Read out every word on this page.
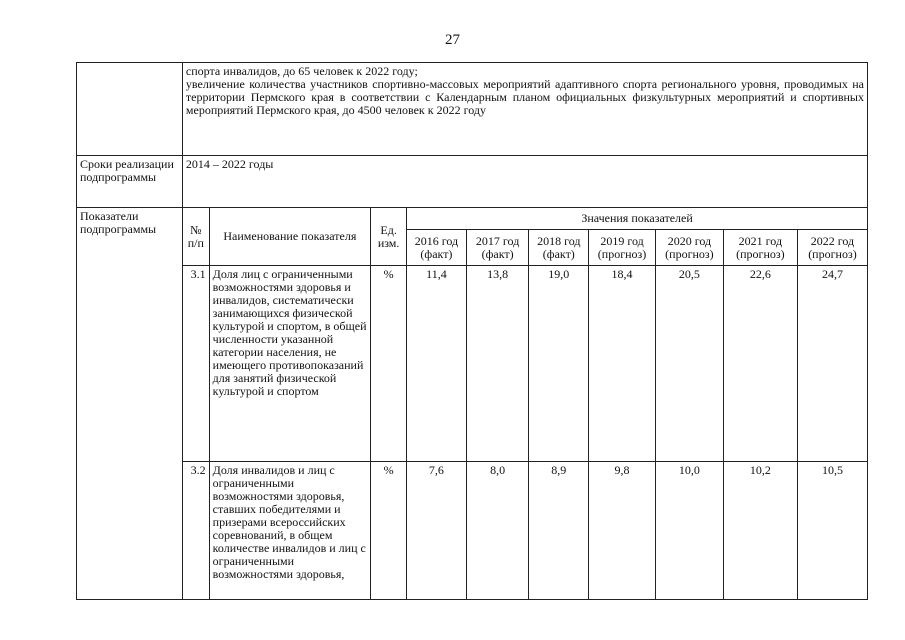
27

	спорта инвалидов, до 65 человек к 2022 году;

увеличение количества участников спортивно-массовых мероприятий адаптивного спорта регионального уровня, проводимых на территории Пермского края в соответствии с Календарным планом официальных физкультурных мероприятий и спортивных мероприятий Пермского края, до 4500 человек к 2022 году									

Сроки реализации подпрограммы	2014 – 2022 годы									
Показатели подпрограммы	№ п/п	Наименование показателя	Ед. изм.	Значения показателей						
				2016 год (факт)	2017 год (факт)	2018 год (факт)	2019 год (прогноз)	2020 год (прогноз)	2021 год (прогноз)	2022 год (прогноз)
	3.1	Доля лиц с ограниченными возможностями здоровья и инвалидов, систематически занимающихся физической культурой и спортом, в общей численности указанной категории населения, не имеющего противопоказаний для занятий физической культурой и спортом	%	11,4	13,8	19,0	18,4	20,5	22,6	24,7
	3.2	Доля инвалидов и лиц с ограниченными возможностями здоровья, ставших победителями и призерами всероссийских соревнований, в общем количестве инвалидов и лиц с ограниченными возможностями здоровья,	%	7,6	8,0	8,9	9,8	10,0	10,2	10,5
